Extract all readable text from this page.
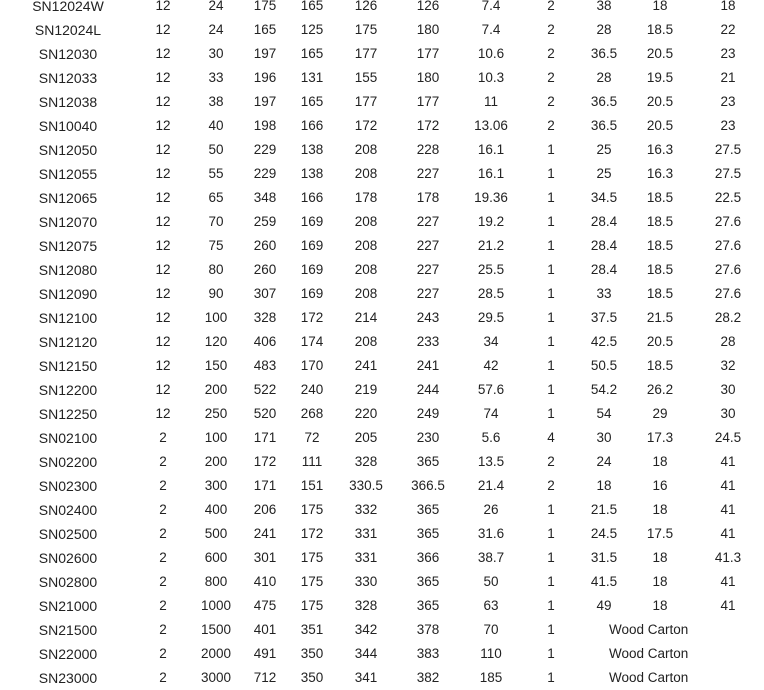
SN12024W	12	24	175	165	126	126	7.4	2	38	18	18
SN12024L	12	24	165	125	175	180	7.4	2	28	18.5	22
SN12030	12	30	197	165	177	177	10.6	2	36.5	20.5	23
SN12033	12	33	196	131	155	180	10.3	2	28	19.5	21
SN12038	12	38	197	165	177	177	11	2	36.5	20.5	23
SN10040	12	40	198	166	172	172	13.06	2	36.5	20.5	23
SN12050	12	50	229	138	208	228	16.1	1	25	16.3	27.5
SN12055	12	55	229	138	208	227	16.1	1	25	16.3	27.5
SN12065	12	65	348	166	178	178	19.36	1	34.5	18.5	22.5
SN12070	12	70	259	169	208	227	19.2	1	28.4	18.5	27.6
SN12075	12	75	260	169	208	227	21.2	1	28.4	18.5	27.6
SN12080	12	80	260	169	208	227	25.5	1	28.4	18.5	27.6
SN12090	12	90	307	169	208	227	28.5	1	33	18.5	27.6
SN12100	12	100	328	172	214	243	29.5	1	37.5	21.5	28.2
SN12120	12	120	406	174	208	233	34	1	42.5	20.5	28
SN12150	12	150	483	170	241	241	42	1	50.5	18.5	32
SN12200	12	200	522	240	219	244	57.6	1	54.2	26.2	30
SN12250	12	250	520	268	220	249	74	1	54	29	30
SN02100	2	100	171	72	205	230	5.6	4	30	17.3	24.5
SN02200	2	200	172	111	328	365	13.5	2	24	18	41
SN02300	2	300	171	151	330.5	366.5	21.4	2	18	16	41
SN02400	2	400	206	175	332	365	26	1	21.5	18	41
SN02500	2	500	241	172	331	365	31.6	1	24.5	17.5	41
SN02600	2	600	301	175	331	366	38.7	1	31.5	18	41.3
SN02800	2	800	410	175	330	365	50	1	41.5	18	41
SN21000	2	1000	475	175	328	365	63	1	49	18	41
SN21500	2	1500	401	351	342	378	70	1	Wood Carton		
SN22000	2	2000	491	350	344	383	110	1	Wood Carton		
SN23000	2	3000	712	350	341	382	185	1	Wood Carton		
